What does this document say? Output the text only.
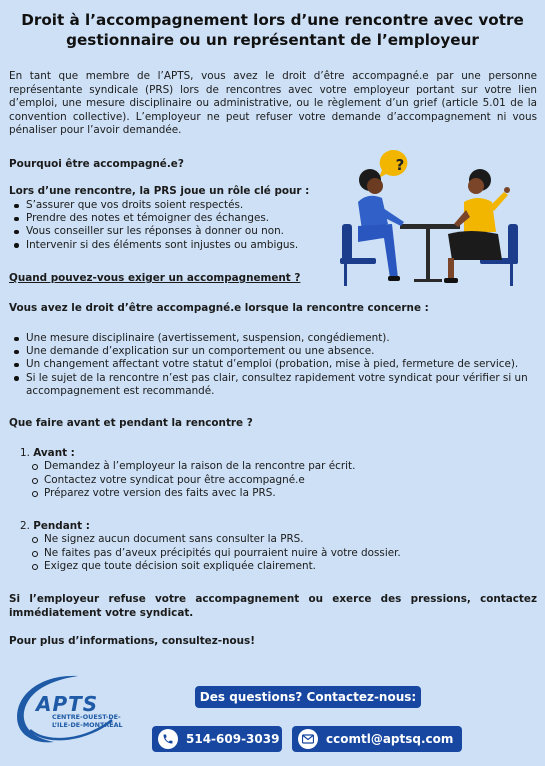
Droit à l’accompagnement lors d’une rencontre avec votre gestionnaire ou un représentant de l’employeur

En tant que membre de l’APTS, vous avez le droit d’être accompagné.e par une personne représentante syndicale (PRS) lors de rencontres avec votre employeur portant sur votre lien d’emploi, une mesure disciplinaire ou administrative, ou le règlement d’un grief (article 5.01 de la convention collective). L’employeur ne peut refuser votre demande d’accompagnement ni vous pénaliser pour l’avoir demandée.

Pourquoi être accompagné.e?
Lors d’une rencontre, la PRS joue un rôle clé pour :
S’assurer que vos droits soient respectés.
Prendre des notes et témoigner des échanges.
Vous conseiller sur les réponses à donner ou non.
Intervenir si des éléments sont injustes ou ambigus.
?
Quand pouvez-vous exiger un accompagnement ?
Vous avez le droit d’être accompagné.e lorsque la rencontre concerne :
Une mesure disciplinaire (avertissement, suspension, congédiement).
Une demande d’explication sur un comportement ou une absence.
Un changement affectant votre statut d’emploi (probation, mise à pied, fermeture de service).
Si le sujet de la rencontre n’est pas clair, consultez rapidement votre syndicat pour vérifier si un accompagnement est recommandé.
Que faire avant et pendant la rencontre ?
1. Avant :
Demandez à l’employeur la raison de la rencontre par écrit.
Contactez votre syndicat pour être accompagné.e
Préparez votre version des faits avec la PRS.
2. Pendant :
Ne signez aucun document sans consulter la PRS.
Ne faites pas d’aveux précipités qui pourraient nuire à votre dossier.
Exigez que toute décision soit expliquée clairement.
Si l’employeur refuse votre accompagnement ou exerce des pressions, contactez immédiatement votre syndicat.
Pour plus d’informations, consultez-nous!
APTS
CENTRE-OUEST-DE-
L’ILE-DE-MONTRÉAL
Des questions? Contactez-nous:
514-609-3039	ccomtl@aptsq.com
